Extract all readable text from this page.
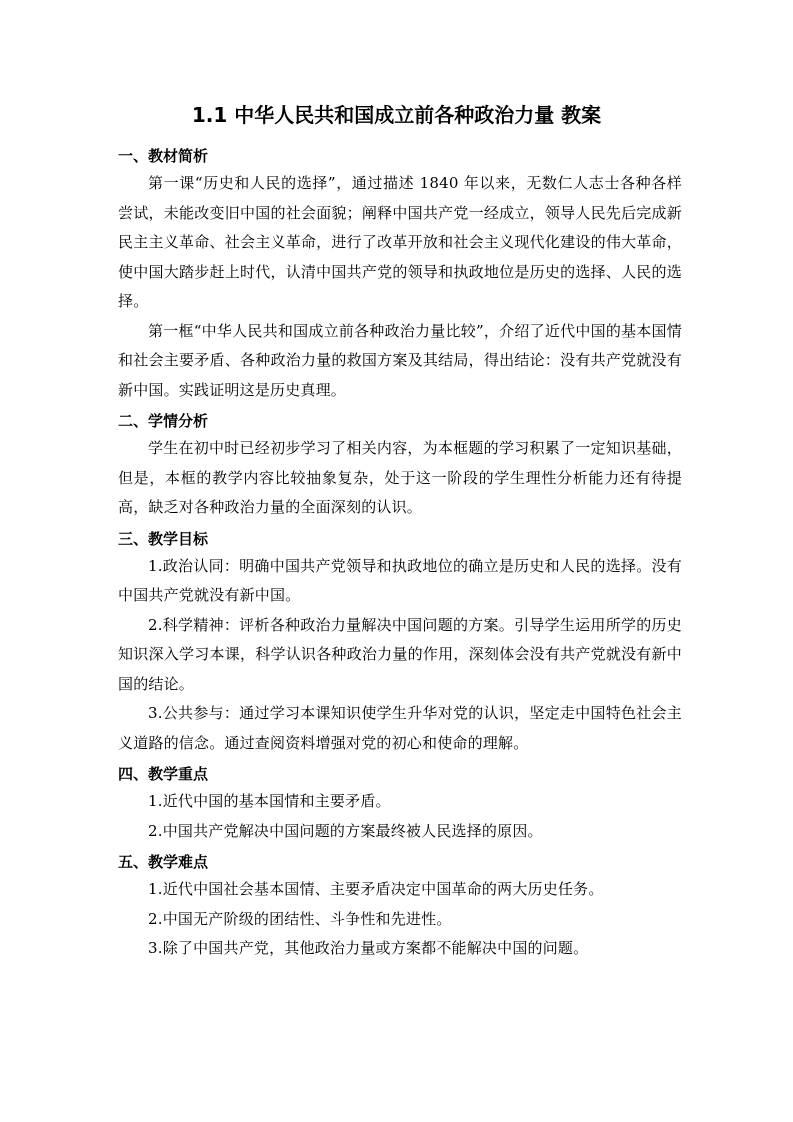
1.1 中华人民共和国成立前各种政治力量 教案

一、教材简析

第一课“历史和人民的选择”，通过描述 1840 年以来，无数仁人志士各种各样尝试，未能改变旧中国的社会面貌；阐释中国共产党一经成立，领导人民先后完成新民主主义革命、社会主义革命，进行了改革开放和社会主义现代化建设的伟大革命，使中国大踏步赶上时代，认清中国共产党的领导和执政地位是历史的选择、人民的选择。

第一框“中华人民共和国成立前各种政治力量比较”，介绍了近代中国的基本国情和社会主要矛盾、各种政治力量的救国方案及其结局，得出结论：没有共产党就没有新中国。实践证明这是历史真理。

二、学情分析

学生在初中时已经初步学习了相关内容，为本框题的学习积累了一定知识基础，但是，本框的教学内容比较抽象复杂，处于这一阶段的学生理性分析能力还有待提高，缺乏对各种政治力量的全面深刻的认识。

三、教学目标

1.政治认同：明确中国共产党领导和执政地位的确立是历史和人民的选择。没有中国共产党就没有新中国。

2.科学精神：评析各种政治力量解决中国问题的方案。引导学生运用所学的历史知识深入学习本课，科学认识各种政治力量的作用，深刻体会没有共产党就没有新中国的结论。

3.公共参与：通过学习本课知识使学生升华对党的认识，坚定走中国特色社会主义道路的信念。通过查阅资料增强对党的初心和使命的理解。

四、教学重点

1.近代中国的基本国情和主要矛盾。

2.中国共产党解决中国问题的方案最终被人民选择的原因。

五、教学难点

1.近代中国社会基本国情、主要矛盾决定中国革命的两大历史任务。

2.中国无产阶级的团结性、斗争性和先进性。

3.除了中国共产党，其他政治力量或方案都不能解决中国的问题。
